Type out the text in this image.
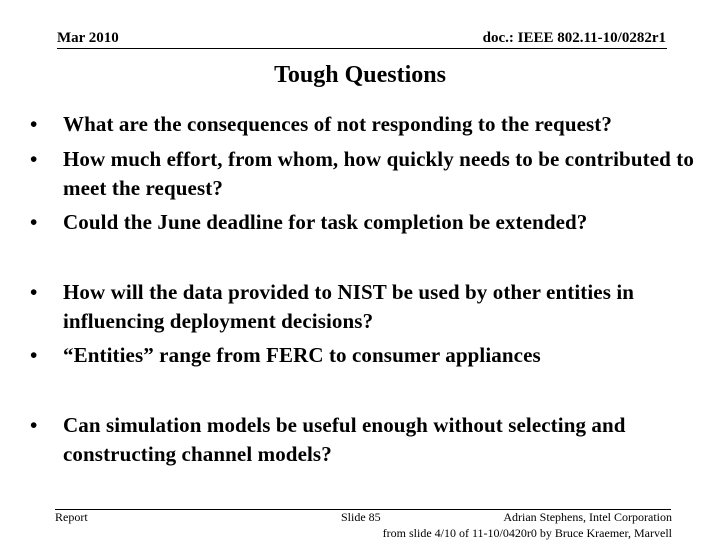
Mar 2010	doc.: IEEE 802.11-10/0282r1
Tough Questions
•	What are the consequences of not responding to the request?
•	How much effort, from whom, how quickly needs to be contributed to meet the request?
•	Could the June deadline for task completion be extended?
•	How will the data provided to NIST be used by other entities in influencing deployment decisions?
•	“Entities” range from FERC to consumer appliances
•	Can simulation models be useful enough without selecting and constructing channel models?
Report	Slide 85	Adrian Stephens, Intel Corporation
from slide 4/10 of 11-10/0420r0 by Bruce Kraemer, Marvell
